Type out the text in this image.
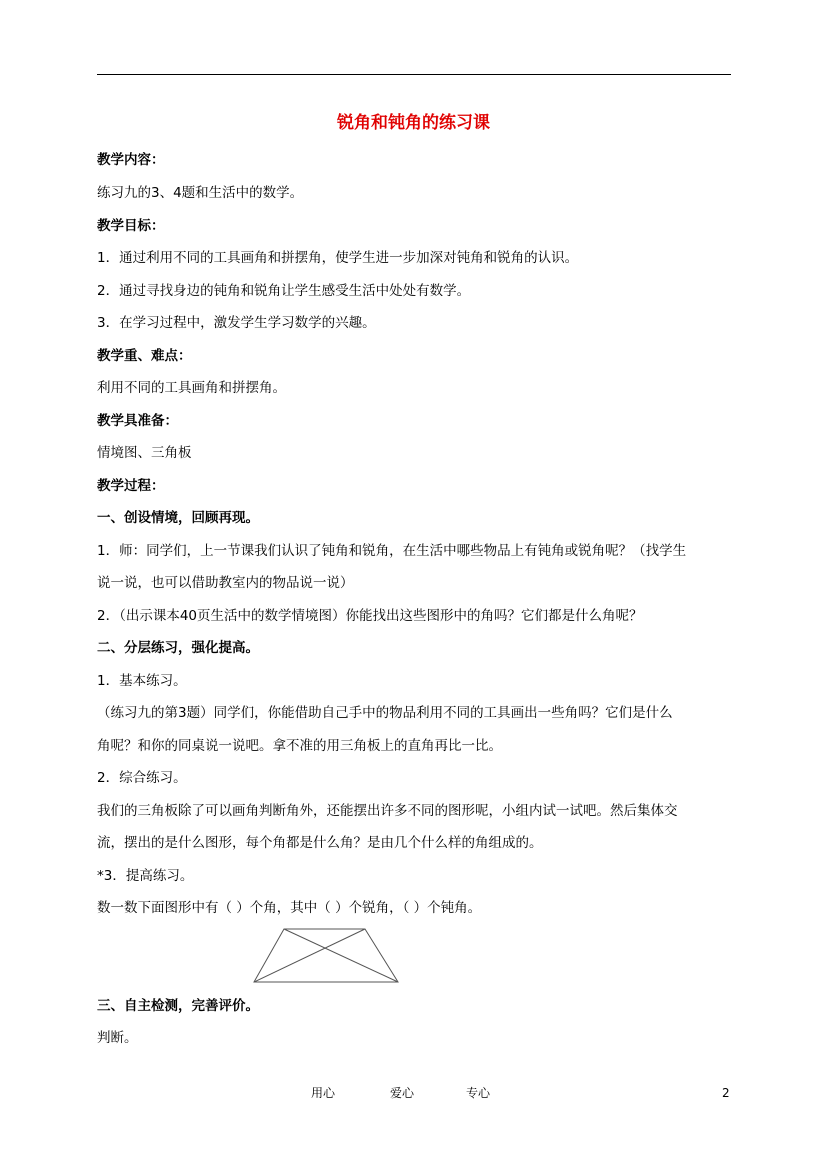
锐角和钝角的练习课
教学内容：
练习九的3、4题和生活中的数学。
教学目标：
1．通过利用不同的工具画角和拼摆角，使学生进一步加深对钝角和锐角的认识。
2．通过寻找身边的钝角和锐角让学生感受生活中处处有数学。
3．在学习过程中，激发学生学习数学的兴趣。
教学重、难点：
利用不同的工具画角和拼摆角。
教学具准备：
情境图、三角板
教学过程：
一、创设情境，回顾再现。
1．师：同学们，上一节课我们认识了钝角和锐角，在生活中哪些物品上有钝角或锐角呢？（找学生
说一说，也可以借助教室内的物品说一说）
2．（出示课本40页生活中的数学情境图）你能找出这些图形中的角吗？它们都是什么角呢？
二、分层练习，强化提高。
1．基本练习。
（练习九的第3题）同学们，你能借助自己手中的物品利用不同的工具画出一些角吗？它们是什么
角呢？和你的同桌说一说吧。拿不准的用三角板上的直角再比一比。
2．综合练习。
我们的三角板除了可以画角判断角外，还能摆出许多不同的图形呢，小组内试一试吧。然后集体交
流，摆出的是什么图形，每个角都是什么角？是由几个什么样的角组成的。
*3．提高练习。
数一数下面图形中有（ ）个角，其中（ ）个锐角，（ ）个钝角。
三、自主检测，完善评价。
判断。
用心	爱心	专心	2
